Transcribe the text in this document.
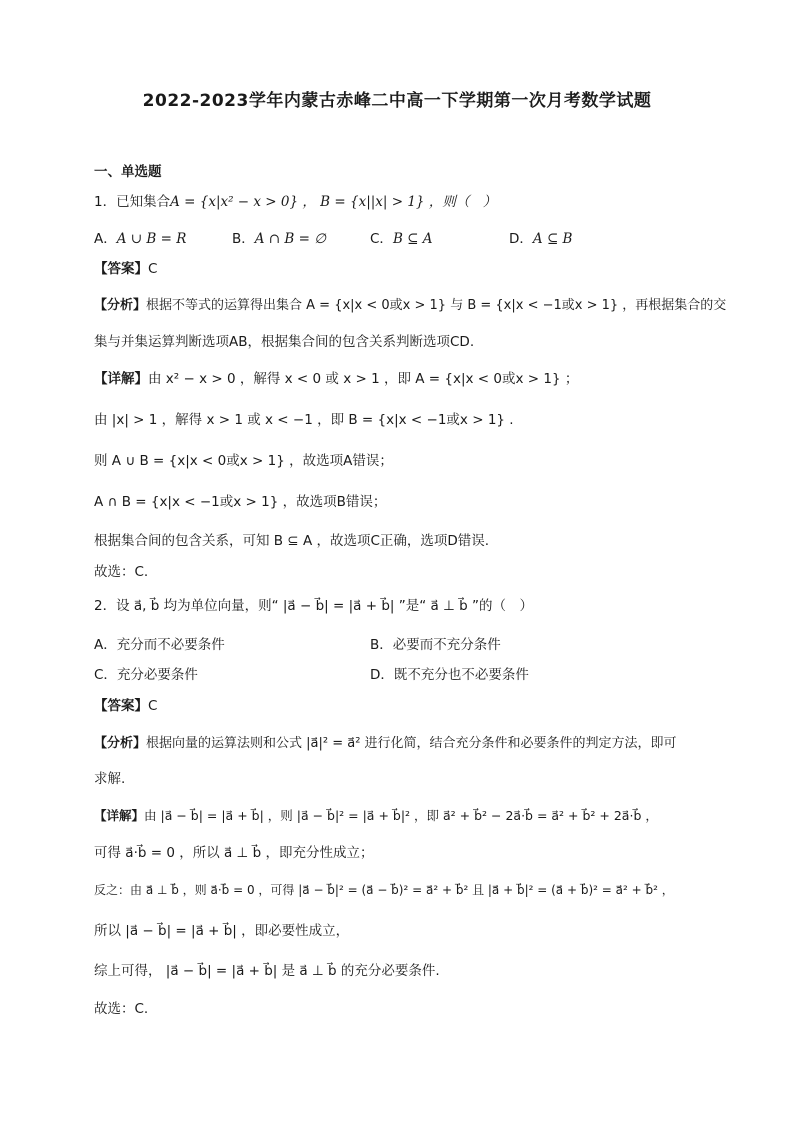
2022-2023学年内蒙古赤峰二中高一下学期第一次月考数学试题
一、单选题
1．已知集合A = {x|x² − x > 0} ， B = {x||x| > 1} ，则（　）
A．A ∪ B = R	B．A ∩ B = ∅	C．B ⊆ A	D．A ⊆ B
【答案】C
【分析】根据不等式的运算得出集合 A = {x|x < 0或x > 1} 与 B = {x|x < −1或x > 1} ，再根据集合的交
集与并集运算判断选项AB，根据集合间的包含关系判断选项CD.
【详解】由 x² − x > 0 ，解得 x < 0 或 x > 1 ，即 A = {x|x < 0或x > 1} ；
由 |x| > 1 ，解得 x > 1 或 x < −1 ，即 B = {x|x < −1或x > 1} .
则 A ∪ B = {x|x < 0或x > 1} ，故选项A错误；
A ∩ B = {x|x < −1或x > 1} ，故选项B错误；
根据集合间的包含关系，可知 B ⊆ A ，故选项C正确，选项D错误.
故选：C.
2．设 a⃗, b⃗ 均为单位向量，则“ |a⃗ − b⃗| = |a⃗ + b⃗| ”是“ a⃗ ⊥ b⃗ ”的（　）
A．充分而不必要条件	B．必要而不充分条件
C．充分必要条件	D．既不充分也不必要条件
【答案】C
【分析】根据向量的运算法则和公式 |a⃗|² = a⃗² 进行化简，结合充分条件和必要条件的判定方法，即可
求解.
【详解】由 |a⃗ − b⃗| = |a⃗ + b⃗| ，则 |a⃗ − b⃗|² = |a⃗ + b⃗|² ，即 a⃗² + b⃗² − 2a⃗·b⃗ = a⃗² + b⃗² + 2a⃗·b⃗ ，
可得 a⃗·b⃗ = 0 ，所以 a⃗ ⊥ b⃗ ，即充分性成立；
反之：由 a⃗ ⊥ b⃗ ，则 a⃗·b⃗ = 0 ，可得 |a⃗ − b⃗|² = (a⃗ − b⃗)² = a⃗² + b⃗² 且 |a⃗ + b⃗|² = (a⃗ + b⃗)² = a⃗² + b⃗² ，
所以 |a⃗ − b⃗| = |a⃗ + b⃗| ，即必要性成立，
综上可得， |a⃗ − b⃗| = |a⃗ + b⃗| 是 a⃗ ⊥ b⃗ 的充分必要条件.
故选：C.
